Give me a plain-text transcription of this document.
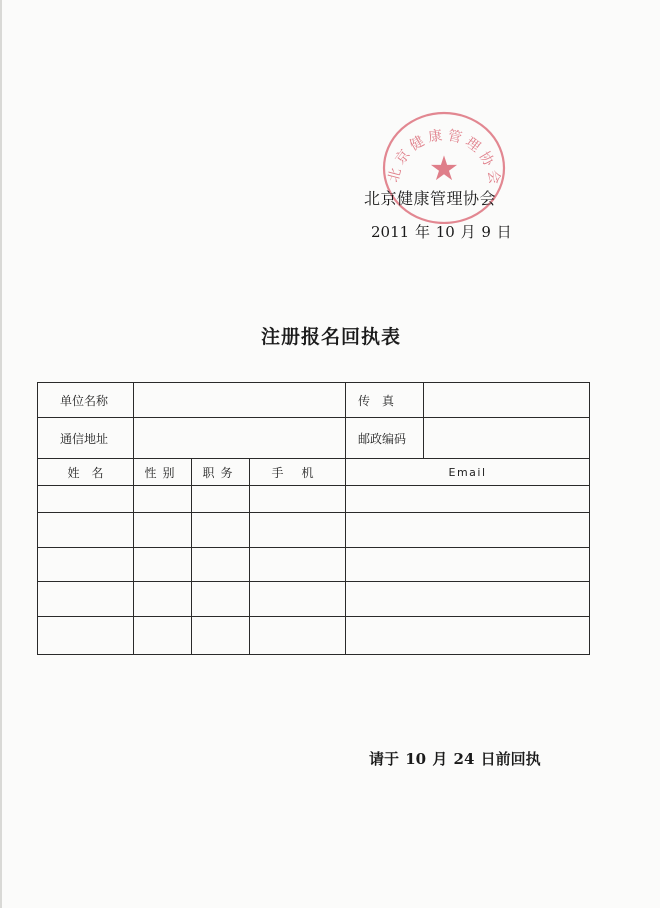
北京健康管理协会
★
北京健康管理协会
2011 年 10 月 9 日
注册报名回执表
单位名称				传　真	
通信地址				邮政编码	
姓　名	性别	职务	手机	Email	

请于 10 月 24 日前回执
